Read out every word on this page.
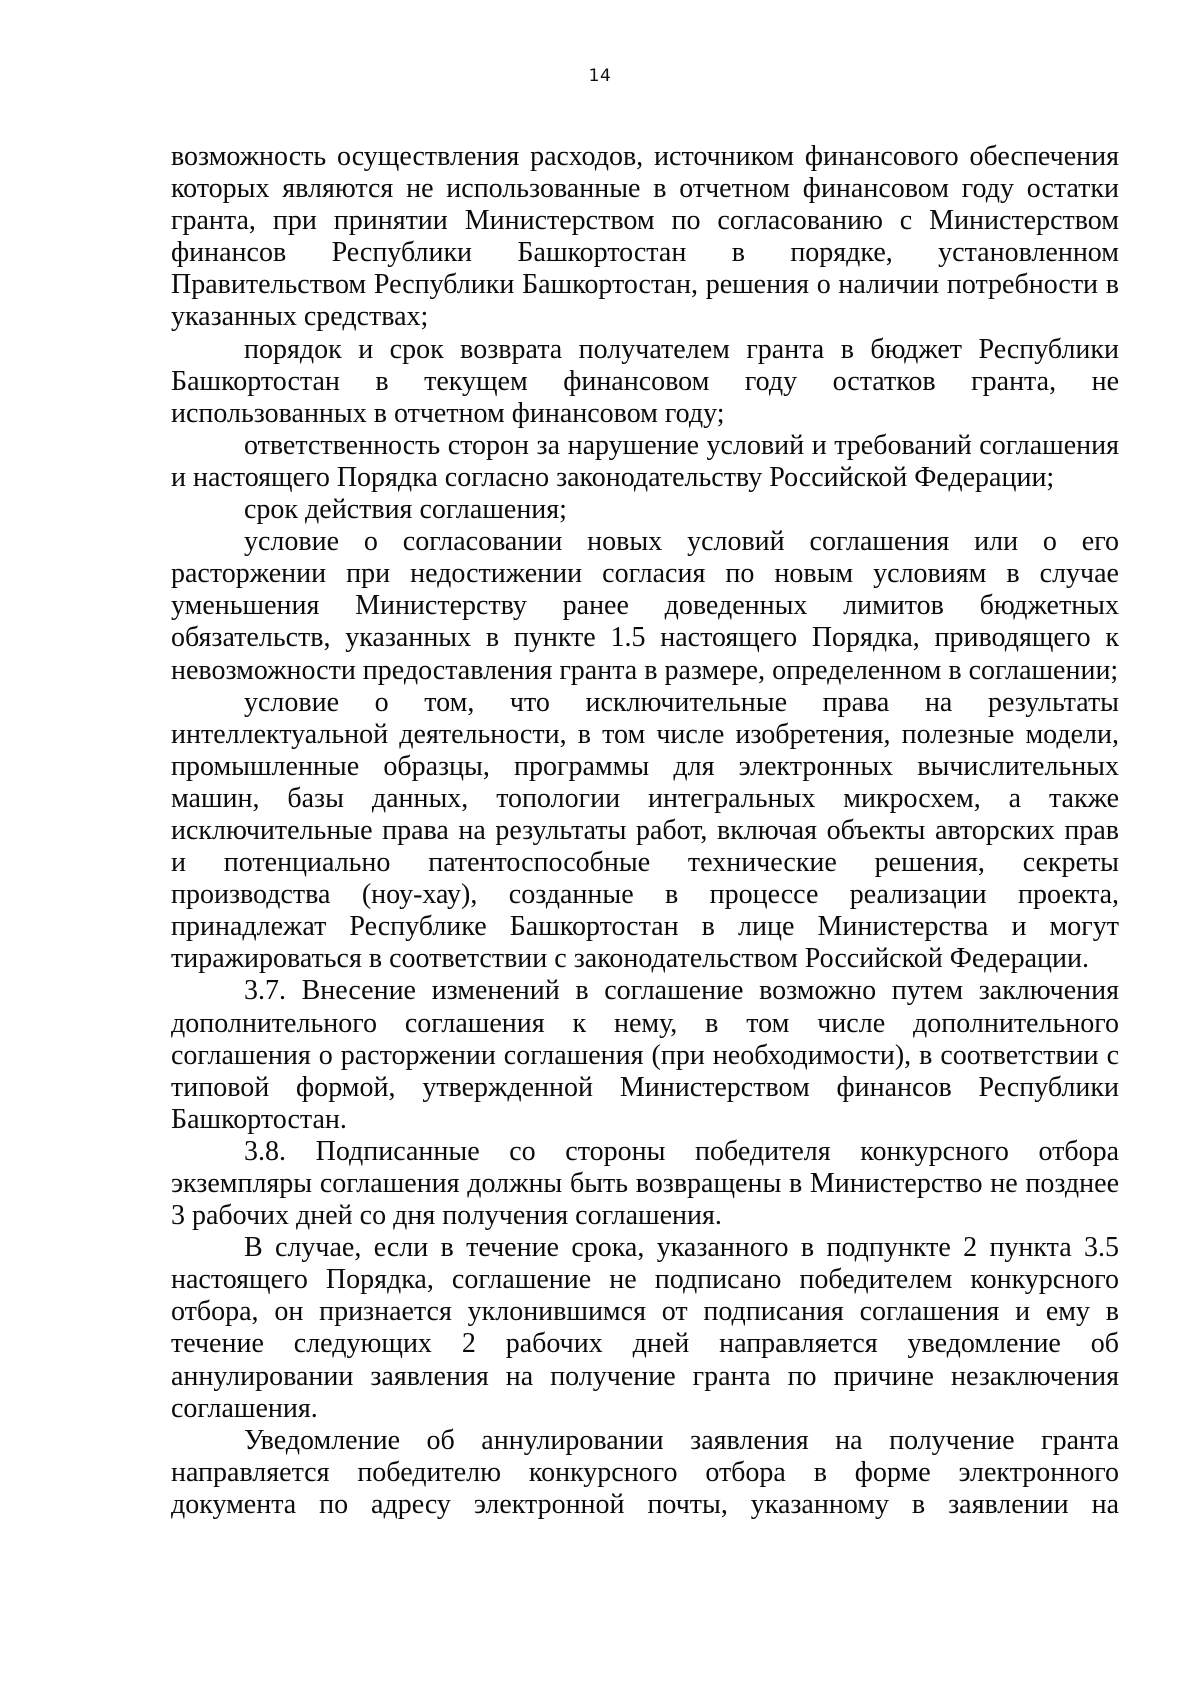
14

возможность осуществления расходов, источником финансового обеспечения которых являются не использованные в отчетном финансовом году остатки гранта, при принятии Министерством по согласованию с Министерством финансов Республики Башкортостан в порядке, установленном Правительством Республики Башкортостан, решения о наличии потребности в указанных средствах;

порядок и срок возврата получателем гранта в бюджет Республики Башкортостан в текущем финансовом году остатков гранта, не использованных в отчетном финансовом году;

ответственность сторон за нарушение условий и требований соглашения и настоящего Порядка согласно законодательству Российской Федерации;

срок действия соглашения;

условие о согласовании новых условий соглашения или о его расторжении при недостижении согласия по новым условиям в случае уменьшения Министерству ранее доведенных лимитов бюджетных обязательств, указанных в пункте 1.5 настоящего Порядка, приводящего к невозможности предоставления гранта в размере, определенном в соглашении;

условие о том, что исключительные права на результаты интеллектуальной деятельности, в том числе изобретения, полезные модели, промышленные образцы, программы для электронных вычислительных машин, базы данных, топологии интегральных микросхем, а также исключительные права на результаты работ, включая объекты авторских прав и потенциально патентоспособные технические решения, секреты производства (ноу-хау), созданные в процессе реализации проекта, принадлежат Республике Башкортостан в лице Министерства и могут тиражироваться в соответствии с законодательством Российской Федерации.

3.7. Внесение изменений в соглашение возможно путем заключения дополнительного соглашения к нему, в том числе дополнительного соглашения о расторжении соглашения (при необходимости), в соответствии с типовой формой, утвержденной Министерством финансов Республики Башкортостан.

3.8. Подписанные со стороны победителя конкурсного отбора экземпляры соглашения должны быть возвращены в Министерство не позднее 3 рабочих дней со дня получения соглашения.

В случае, если в течение срока, указанного в подпункте 2 пункта 3.5 настоящего Порядка, соглашение не подписано победителем конкурсного отбора, он признается уклонившимся от подписания соглашения и ему в течение следующих 2 рабочих дней направляется уведомление об аннулировании заявления на получение гранта по причине незаключения соглашения.

Уведомление об аннулировании заявления на получение гранта направляется победителю конкурсного отбора в форме электронного документа по адресу электронной почты, указанному в заявлении на
